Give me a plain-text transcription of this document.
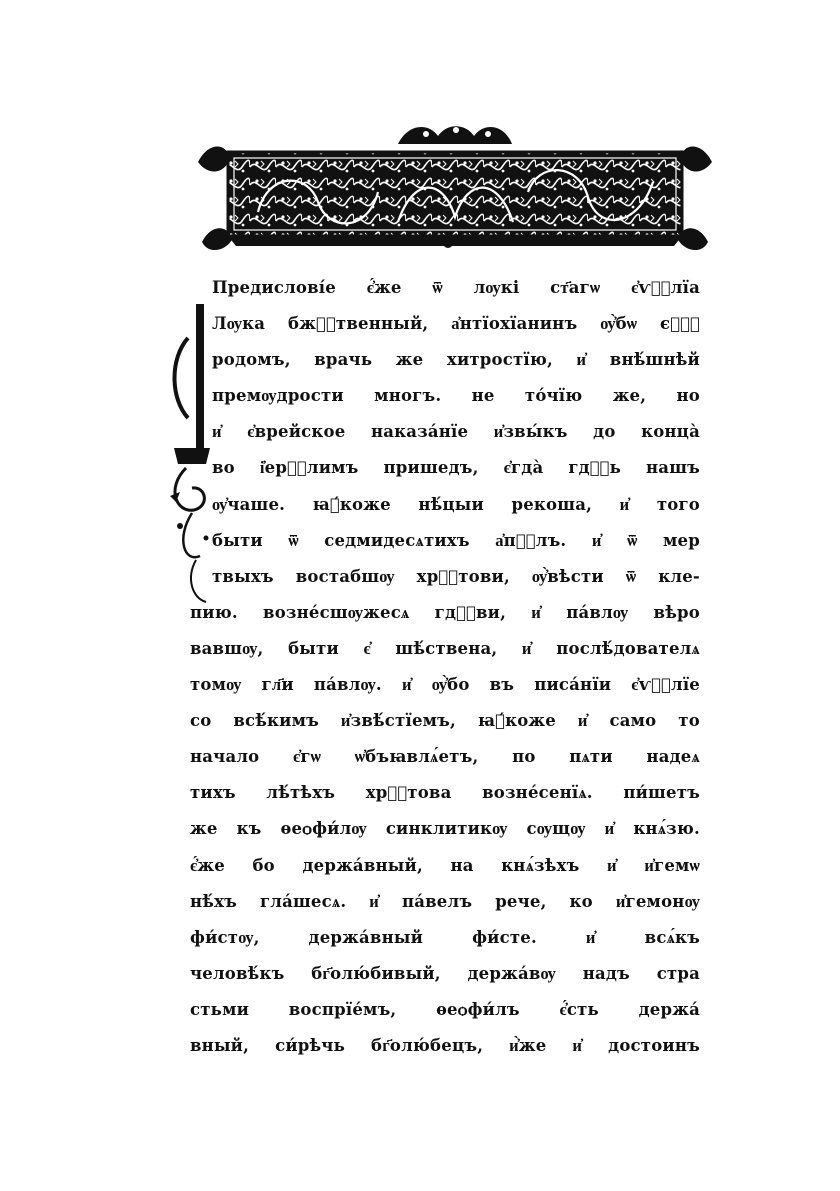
Предислові́е є҆́же ѿ лѹкі ст҃агѡ є҆ѵⷢ҇лїа
Лѹка бжⷭ҇твенный, а҆нтїохїанинъ ѹ҆̀бѡ є҆ⷭ҇
родомъ, врачь же хитростїю, и҆ внѣ́шнѣй
премѹдрости многъ. не то́чїю же, но
и҆ є҆врейское наказа́нїе и҆звы́къ до конца̀
во і҆ерⷭ҇лимъ пришедъ, є҆гда̀ гдⷭ҇ь нашъ
ѹ҆чаше. ꙗ҆́коже нѣ́цыи рекоша, и҆ того
быти ѿ седмидесѧтихъ а҆пⷭ҇лъ. и҆ ѿ мер
твыхъ востабшѹ хрⷭ҇тови, ѹ҆̀вѣсти ѿ кле-
пию. возне́сшѹжесѧ гдⷭ҇ви, и҆ па́влѹ вѣро
вавшѹ, быти є҆ шѣ́ствена, и҆ послѣ́дователѧ
томѹ гл҃и па́влѹ. и҆ ѹ҆̀бо въ писа́нїи є҆ѵⷢ҇лїе
со всѣ́кимъ и҆звѣ́стїемъ, ꙗ҆́коже и҆ само то
начало є҆гѡ ѡ҆бъꙗвлѧ́етъ, по пѧти надеѧ
тихъ лѣ́тѣхъ хрⷭ҇това возне́сенїѧ. пи́шетъ
же къ ѳеѻфи́лѹ синклитикѹ сѹщѹ и҆ кнѧ́зю.
є҆́же бо держа́вный, на кнѧ́зѣхъ и҆ и҆гемѡ
нѣ́хъ гла́шесѧ. и҆ па́велъ рече, ко и҆гемонѹ
фи́стѹ,	держа́вный	фи́сте.	и҆	всѧ́къ
человѣ́къ бг҃олю́бивый, держа́вѹ надъ стра
стьми воспрїе́мъ, ѳеѻфи́лъ є҆́сть держа́
вный, си́рѣчь бг҃олю́бецъ, и҆̀же и҆ достоинъ
